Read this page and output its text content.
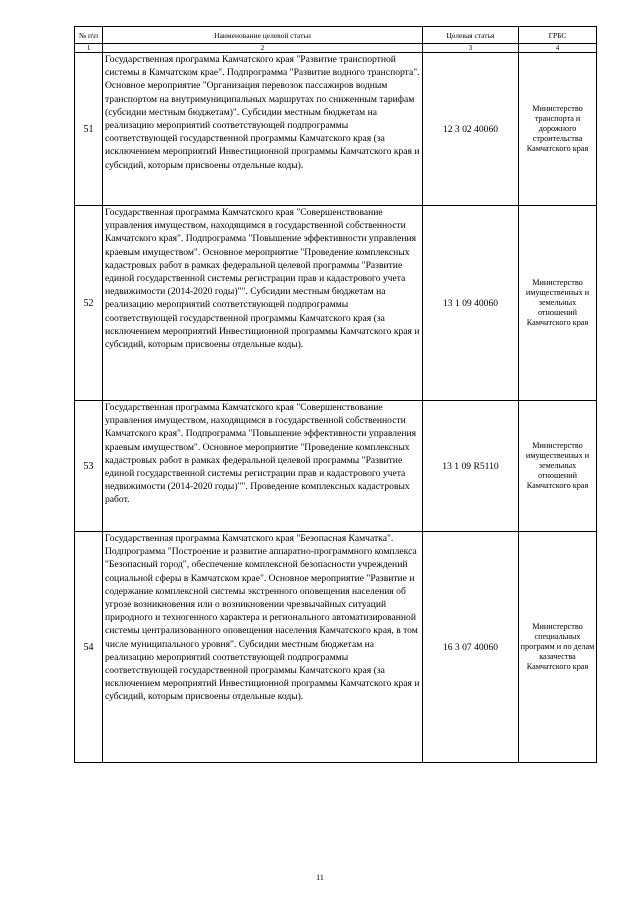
№ п\п	Наименование целевой статьи	Целевая статья	ГРБС
1	2	3	4
51	Государственная программа Камчатского края "Развитие транспортной системы в Камчатском крае". Подпрограмма "Развитие водного транспорта". Основное мероприятие "Организация перевозок пассажиров водным транспортом на внутримуниципальных маршрутах по сниженным тарифам (субсидии местным бюджетам)". Субсидии местным бюджетам на реализацию мероприятий соответствующей подпрограммы соответствующей государственной программы Камчатского края (за исключением мероприятий Инвестиционной программы Камчатского края и субсидий, которым присвоены отдельные коды).	12 3 02 40060	Министерство транспорта и дорожного строительства Камчатского края
52	Государственная программа Камчатского края "Совершенствование управления имуществом, находящимся в государственной собственности Камчатского края". Подпрограмма "Повышение эффективности управления краевым имуществом". Основное мероприятие "Проведение комплексных кадастровых работ в рамках федеральной целевой программы "Развитие единой государственной системы регистрации прав и кадастрового учета недвижимости (2014-2020 годы)"". Субсидии местным бюджетам на реализацию мероприятий соответствующей подпрограммы соответствующей государственной программы Камчатского края (за исключением мероприятий Инвестиционной программы Камчатского края и субсидий, которым присвоены отдельные коды).	13 1 09 40060	Министерство имущественных и земельных отношений Камчатского края
53	Государственная программа Камчатского края "Совершенствование управления имуществом, находящимся в государственной собственности Камчатского края". Подпрограмма "Повышение эффективности управления краевым имуществом". Основное мероприятие "Проведение комплексных кадастровых работ в рамках федеральной целевой программы "Развитие единой государственной системы регистрации прав и кадастрового учета недвижимости (2014-2020 годы)"". Проведение комплексных кадастровых работ.	13 1 09 R5110	Министерство имущественных и земельных отношений Камчатского края
54	Государственная программа Камчатского края "Безопасная Камчатка". Подпрограмма "Построение и развитие аппаратно-программного комплекса "Безопасный город", обеспечение комплексной безопасности учреждений социальной сферы в Камчатском крае". Основное мероприятие "Развитие и содержание комплексной системы экстренного оповещения населения об угрозе возникновения или о возникновении чрезвычайных ситуаций природного и техногенного характера и регионального автоматизированной системы централизованного оповещения населения Камчатского края, в том числе муниципального уровня". Субсидии местным бюджетам на реализацию мероприятий соответствующей подпрограммы соответствующей государственной программы Камчатского края (за исключением мероприятий Инвестиционной программы Камчатского края и субсидий, которым присвоены отдельные коды).	16 3 07 40060	Министерство специальных программ и по делам казачества Камчатского края
11
